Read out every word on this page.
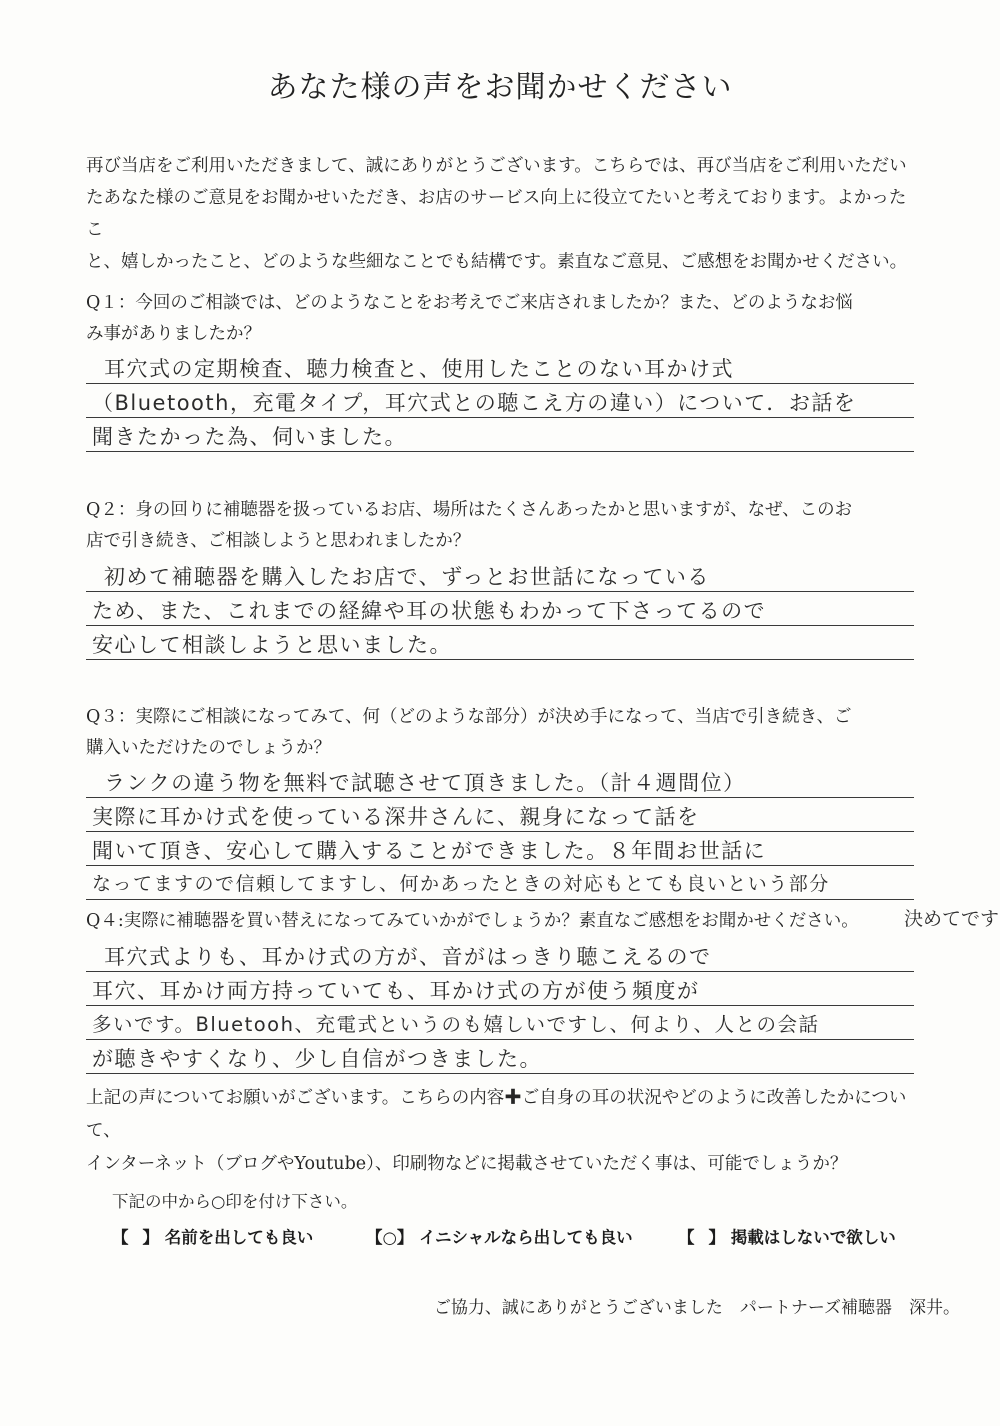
あなた様の声をお聞かせください

再び当店をご利用いただきまして、誠にありがとうございます。こちらでは、再び当店をご利用いただい

たあなた様のご意見をお聞かせいただき、お店のサービス向上に役立てたいと考えております。よかったこ

と、嬉しかったこと、どのような些細なことでも結構です。素直なご意見、ご感想をお聞かせください。

Q１：今回のご相談では、どのようなことをお考えでご来店されましたか？また、どのようなお悩

み事がありましたか？

耳穴式の定期検査、聴力検査と、使用したことのない耳かけ式
（Bluetooth，充電タイプ，耳穴式との聴こえ方の違い）について．お話を
聞きたかった為、伺いました。

Q２：身の回りに補聴器を扱っているお店、場所はたくさんあったかと思いますが、なぜ、このお

店で引き続き、ご相談しようと思われましたか？

初めて補聴器を購入したお店で、ずっとお世話になっている
ため、また、これまでの経緯や耳の状態もわかって下さってるので
安心して相談しようと思いました。

Q３：実際にご相談になってみて、何（どのような部分）が決め手になって、当店で引き続き、ご

購入いただけたのでしょうか？

ランクの違う物を無料で試聴させて頂きました。（計４週間位）
実際に耳かけ式を使っている深井さんに、親身になって話を
聞いて頂き、安心して購入することができました。８年間お世話に
なってますので信頼してますし、何かあったときの対応もとても良いという部分
決めてです

Q４:実際に補聴器を買い替えになってみていかがでしょうか？素直なご感想をお聞かせください。

耳穴式よりも、耳かけ式の方が、音がはっきり聴こえるので
耳穴、耳かけ両方持っていても、耳かけ式の方が使う頻度が
多いです。Bluetooh、充電式というのも嬉しいですし、何より、人との会話
が聴きやすくなり、少し自信がつきました。

上記の声についてお願いがございます。こちらの内容✚ご自身の耳の状況やどのように改善したかについて、

インターネット（ブログやYoutube）、印刷物などに掲載させていただく事は、可能でしょうか？

下記の中から○印を付け下さい。
【 】 名前を出しても良い	【○】 イニシャルなら出しても良い	【 】 掲載はしないで欲しい
ご協力、誠にありがとうございました　パートナーズ補聴器　深井。
